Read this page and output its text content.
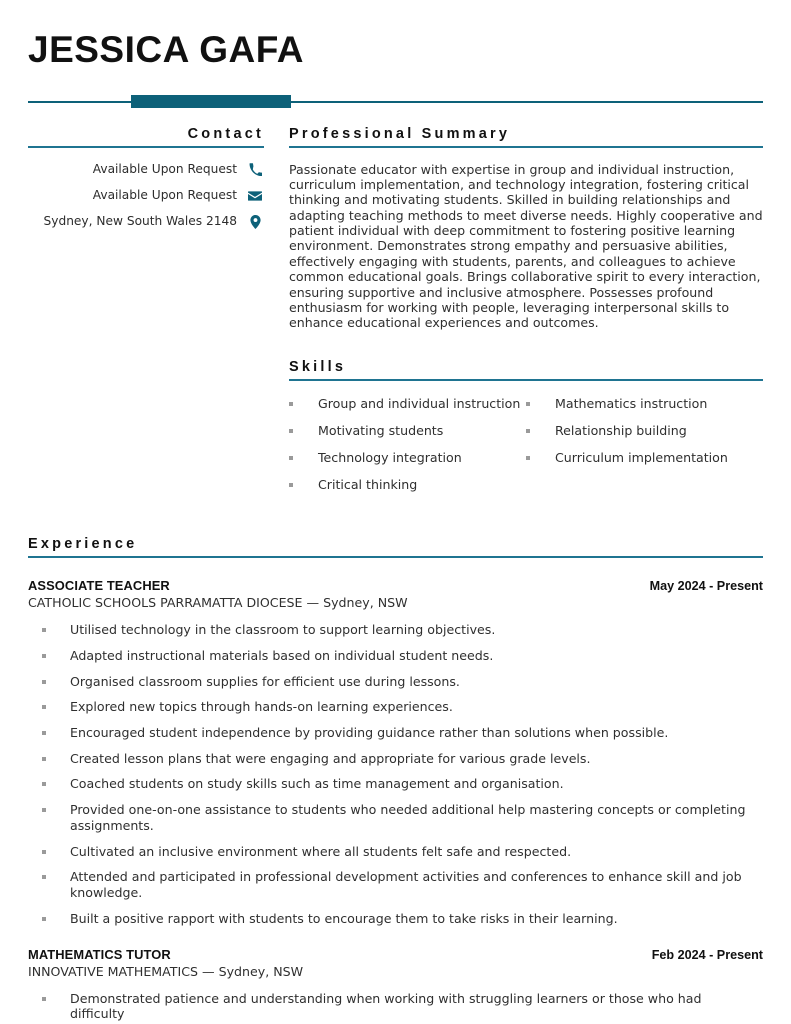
JESSICA GAFA
Contact
Available Upon Request
Available Upon Request
Sydney, New South Wales 2148
Professional Summary
Passionate educator with expertise in group and individual instruction, curriculum implementation, and technology integration, fostering critical thinking and motivating students. Skilled in building relationships and adapting teaching methods to meet diverse needs. Highly cooperative and patient individual with deep commitment to fostering positive learning environment. Demonstrates strong empathy and persuasive abilities, effectively engaging with students, parents, and colleagues to achieve common educational goals. Brings collaborative spirit to every interaction, ensuring supportive and inclusive atmosphere. Possesses profound enthusiasm for working with people, leveraging interpersonal skills to enhance educational experiences and outcomes.
Skills
Group and individual instruction
Motivating students
Technology integration
Critical thinking
Mathematics instruction
Relationship building
Curriculum implementation
Experience
ASSOCIATE TEACHER	May 2024 - Present
CATHOLIC SCHOOLS PARRAMATTA DIOCESE — Sydney, NSW
Utilised technology in the classroom to support learning objectives.
Adapted instructional materials based on individual student needs.
Organised classroom supplies for efficient use during lessons.
Explored new topics through hands-on learning experiences.
Encouraged student independence by providing guidance rather than solutions when possible.
Created lesson plans that were engaging and appropriate for various grade levels.
Coached students on study skills such as time management and organisation.
Provided one-on-one assistance to students who needed additional help mastering concepts or completing assignments.
Cultivated an inclusive environment where all students felt safe and respected.
Attended and participated in professional development activities and conferences to enhance skill and job knowledge.
Built a positive rapport with students to encourage them to take risks in their learning.
MATHEMATICS TUTOR	Feb 2024 - Present
INNOVATIVE MATHEMATICS — Sydney, NSW
Demonstrated patience and understanding when working with struggling learners or those who had difficulty
